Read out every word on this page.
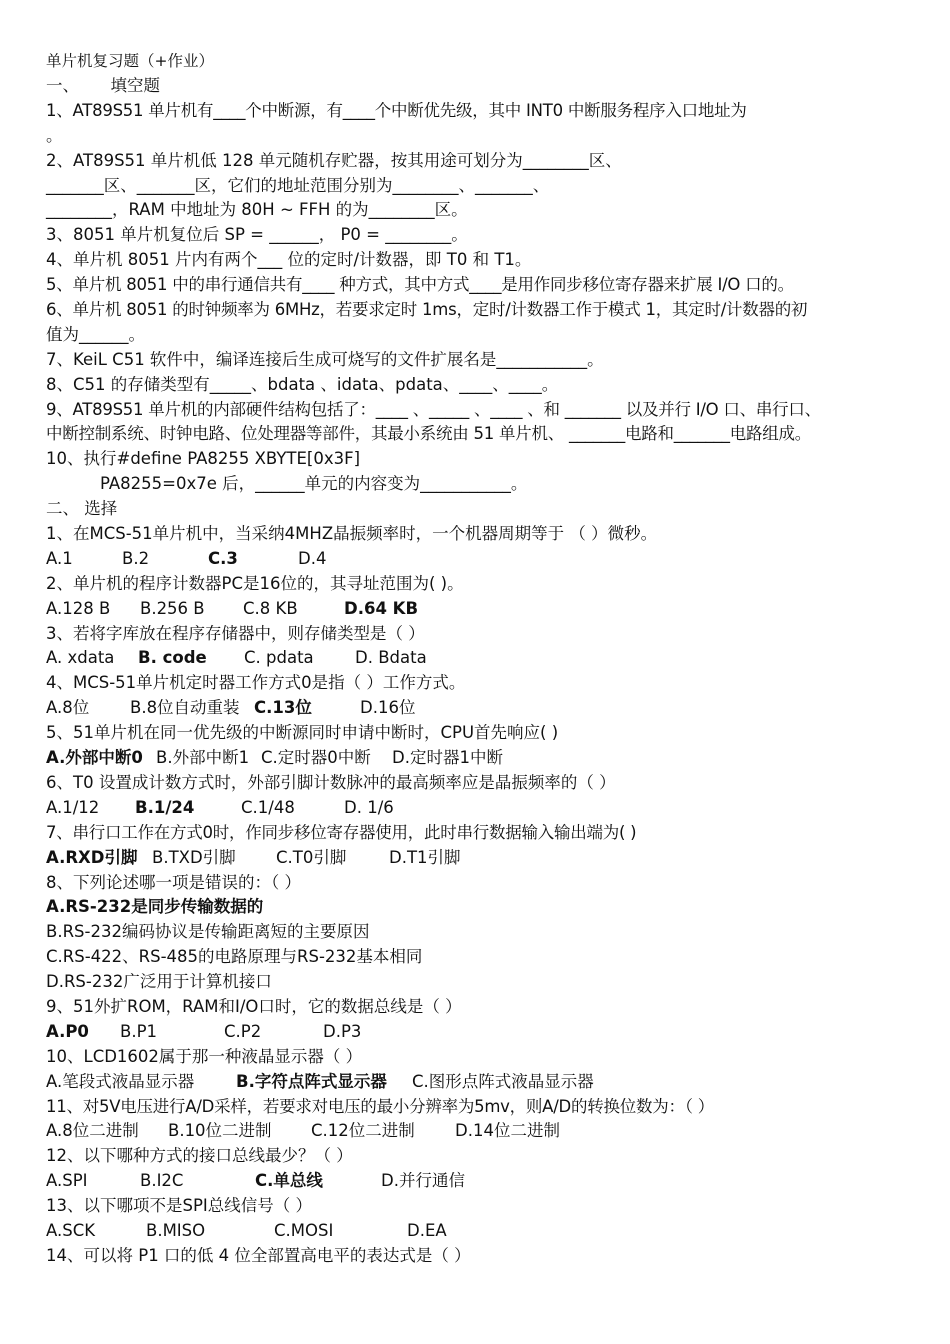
单片机复习题（+作业）
一、      填空题
1、AT89S51 单片机有____个中断源，有____个中断优先级，其中 INT0 中断服务程序入口地址为
。
2、AT89S51 单片机低 128 单元随机存贮器，按其用途可划分为________区、
_______区、_______区，它们的地址范围分别为________、_______、
________，RAM 中地址为 80H ~ FFH 的为________区。
3、8051 单片机复位后 SP = ______， P0 = ________。
4、单片机 8051 片内有两个___ 位的定时/计数器，即 T0 和 T1。
5、单片机 8051 中的串行通信共有____ 种方式，其中方式____是用作同步移位寄存器来扩展 I/O 口的。
6、单片机 8051 的时钟频率为 6MHz，若要求定时 1ms，定时/计数器工作于模式 1，其定时/计数器的初
值为______。
7、KeiL C51 软件中，编译连接后生成可烧写的文件扩展名是___________。
8、C51 的存储类型有_____、bdata 、idata、pdata、____、____。
9、AT89S51 单片机的内部硬件结构包括了：____ 、_____ 、____ 、和 _______ 以及并行 I/O 口、串行口、
中断控制系统、时钟电路、位处理器等部件，其最小系统由 51 单片机、 _______电路和_______电路组成。
10、执行#define PA8255 XBYTE[0x3F]
PA8255=0x7e 后，______单元的内容变为___________。
二、 选择
1、在MCS-51单片机中，当采纳4MHZ晶振频率时，一个机器周期等于 （ ）微秒。
A.1	B.2	C.3	D.4
2、单片机的程序计数器PC是16位的，其寻址范围为( )。
A.128 B	B.256 B	C.8 KB	D.64 KB
3、若将字库放在程序存储器中，则存储类型是（ ）
A. xdata	B. code	C. pdata	D. Bdata
4、MCS-51单片机定时器工作方式0是指（ ）工作方式。
A.8位	B.8位自动重装 C.13位	D.16位
5、51单片机在同一优先级的中断源同时申请中断时，CPU首先响应( )
A.外部中断0 B.外部中断1 C.定时器0中断	D.定时器1中断
6、T0 设置成计数方式时，外部引脚计数脉冲的最高频率应是晶振频率的（ ）
A.1/12	B.1/24	C.1/48	D. 1/6
7、串行口工作在方式0时，作同步移位寄存器使用，此时串行数据输入输出端为( )
A.RXD引脚 B.TXD引脚	C.T0引脚	D.T1引脚
8、下列论述哪一项是错误的：（ ）
A.RS-232是同步传输数据的
B.RS-232编码协议是传输距离短的主要原因
C.RS-422、RS-485的电路原理与RS-232基本相同
D.RS-232广泛用于计算机接口
9、51外扩ROM，RAM和I/O口时，它的数据总线是（ ）
A.P0	B.P1	C.P2	D.P3
10、LCD1602属于那一种液晶显示器（ ）
A.笔段式液晶显示器	B.字符点阵式显示器	C.图形点阵式液晶显示器
11、对5V电压进行A/D采样，若要求对电压的最小分辨率为5mv，则A/D的转换位数为：（ ）
A.8位二进制	B.10位二进制	C.12位二进制	D.14位二进制
12、以下哪种方式的接口总线最少？（ ）
A.SPI	B.I2C	C.单总线	D.并行通信
13、以下哪项不是SPI总线信号（ ）
A.SCK	B.MISO	C.MOSI	D.EA
14、可以将 P1 口的低 4 位全部置高电平的表达式是（ ）
